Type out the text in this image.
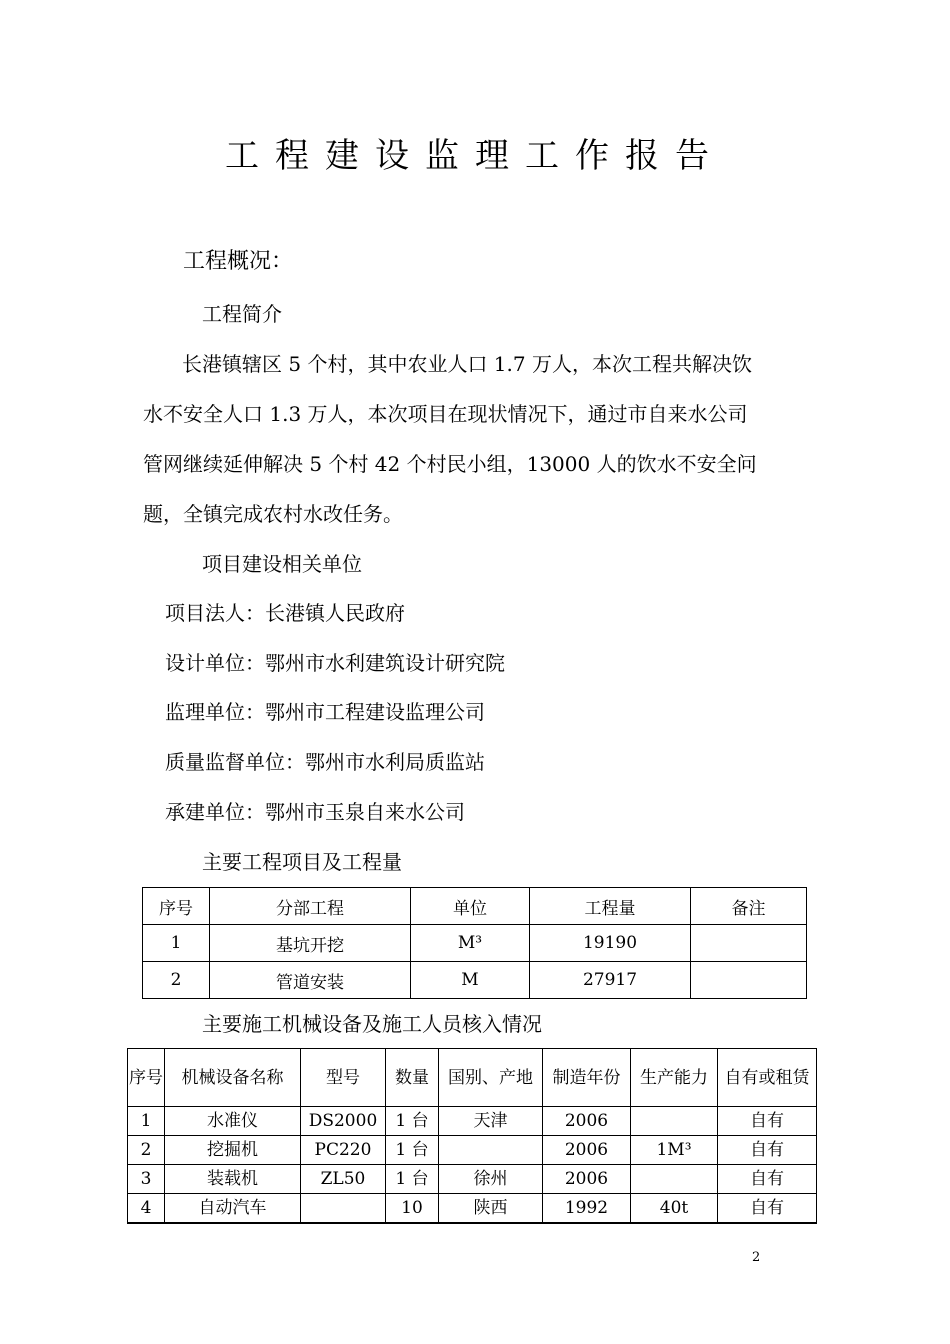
工程建设监理工作报告
工程概况：
工程简介
长港镇辖区 5 个村，其中农业人口 1.7 万人，本次工程共解决饮
水不安全人口 1.3 万人，本次项目在现状情况下，通过市自来水公司
管网继续延伸解决 5 个村 42 个村民小组，13000 人的饮水不安全问
题，全镇完成农村水改任务。
项目建设相关单位
项目法人：长港镇人民政府
设计单位：鄂州市水利建筑设计研究院
监理单位：鄂州市工程建设监理公司
质量监督单位：鄂州市水利局质监站
承建单位：鄂州市玉泉自来水公司
主要工程项目及工程量
序号	分部工程	单位	工程量	备注
1	基坑开挖	M³	19190	
2	管道安装	M	27917	
主要施工机械设备及施工人员核入情况
序号	机械设备名称	型号	数量	国别、产地	制造年份	生产能力	自有或租赁
1	水准仪	DS2000	1 台	天津	2006		自有
2	挖掘机	PC220	1 台		2006	1M³	自有
3	装载机	ZL50	1 台	徐州	2006		自有
4	自动汽车		10	陕西	1992	40t	自有
2
